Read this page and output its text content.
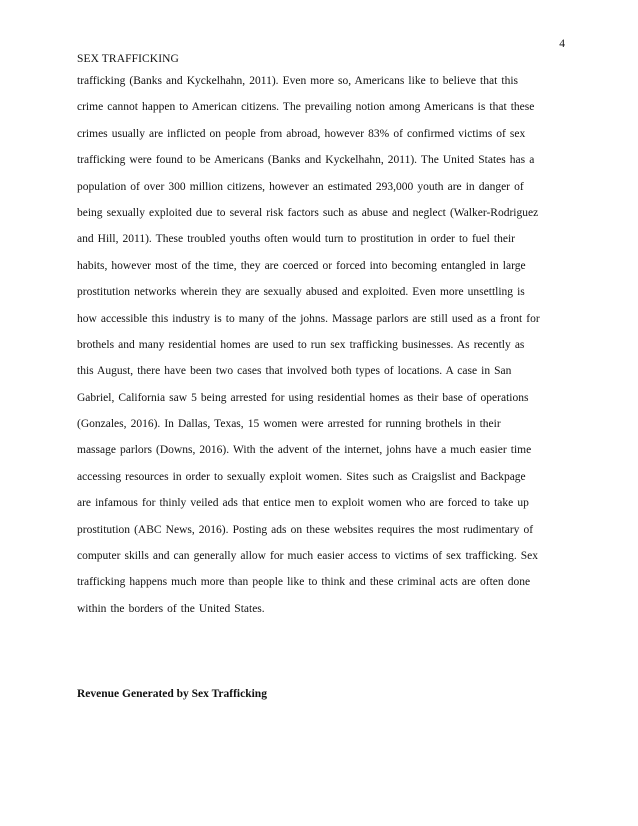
4
SEX TRAFFICKING
trafficking (Banks and Kyckelhahn, 2011). Even more so, Americans like to believe that this
crime cannot happen to American citizens. The prevailing notion among Americans is that these
crimes usually are inflicted on people from abroad, however 83% of confirmed victims of sex
trafficking were found to be Americans (Banks and Kyckelhahn, 2011). The United States has a
population of over 300 million citizens, however an estimated 293,000 youth are in danger of
being sexually exploited due to several risk factors such as abuse and neglect (Walker-Rodriguez
and Hill, 2011). These troubled youths often would turn to prostitution in order to fuel their
habits, however most of the time, they are coerced or forced into becoming entangled in large
prostitution networks wherein they are sexually abused and exploited. Even more unsettling is
how accessible this industry is to many of the johns. Massage parlors are still used as a front for
brothels and many residential homes are used to run sex trafficking businesses. As recently as
this August, there have been two cases that involved both types of locations. A case in San
Gabriel, California saw 5 being arrested for using residential homes as their base of operations
(Gonzales, 2016). In Dallas, Texas, 15 women were arrested for running brothels in their
massage parlors (Downs, 2016). With the advent of the internet, johns have a much easier time
accessing resources in order to sexually exploit women. Sites such as Craigslist and Backpage
are infamous for thinly veiled ads that entice men to exploit women who are forced to take up
prostitution (ABC News, 2016). Posting ads on these websites requires the most rudimentary of
computer skills and can generally allow for much easier access to victims of sex trafficking. Sex
trafficking happens much more than people like to think and these criminal acts are often done
within the borders of the United States.
Revenue Generated by Sex Trafficking
